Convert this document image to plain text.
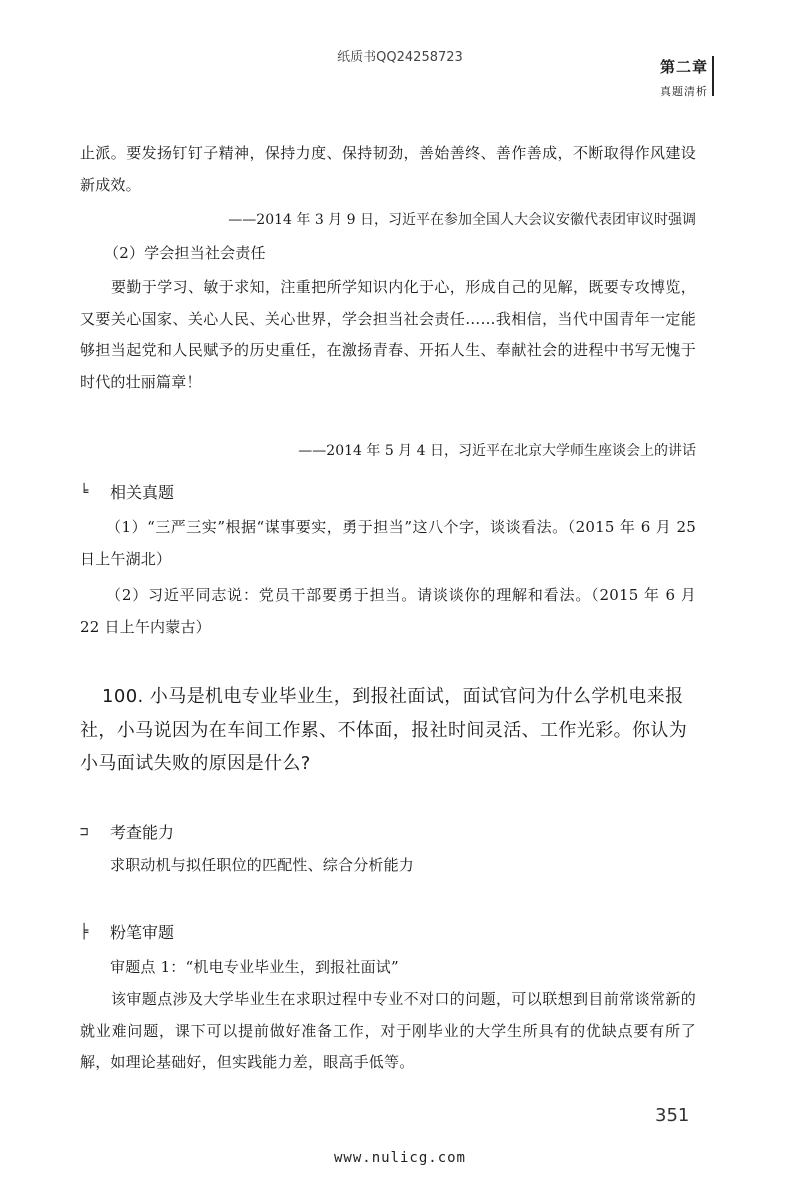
纸质书QQ24258723
第二章
真题清析
止派。要发扬钉钉子精神，保持力度、保持韧劲，善始善终、善作善成，不断取得作风建设新成效。
——2014 年 3 月 9 日，习近平在参加全国人大会议安徽代表团审议时强调
（2）学会担当社会责任
要勤于学习、敏于求知，注重把所学知识内化于心，形成自己的见解，既要专攻博览，又要关心国家、关心人民、关心世界，学会担当社会责任……我相信，当代中国青年一定能够担当起党和人民赋予的历史重任，在激扬青春、开拓人生、奉献社会的进程中书写无愧于时代的壮丽篇章！
——2014 年 5 月 4 日，习近平在北京大学师生座谈会上的讲话
╘	相关真题
（1）“三严三实”根据“谋事要实，勇于担当”这八个字，谈谈看法。（2015 年 6 月 25 日上午湖北）
（2）习近平同志说：党员干部要勇于担当。请谈谈你的理解和看法。（2015 年 6 月 22 日上午内蒙古）
100. 小马是机电专业毕业生，到报社面试，面试官问为什么学机电来报社，小马说因为在车间工作累、不体面，报社时间灵活、工作光彩。你认为小马面试失败的原因是什么?
⊐	考查能力
求职动机与拟任职位的匹配性、综合分析能力
╞	粉笔审题
审题点 1：“机电专业毕业生，到报社面试”
该审题点涉及大学毕业生在求职过程中专业不对口的问题，可以联想到目前常谈常新的就业难问题，课下可以提前做好准备工作，对于刚毕业的大学生所具有的优缺点要有所了解，如理论基础好，但实践能力差，眼高手低等。
351
www.nulicg.com
